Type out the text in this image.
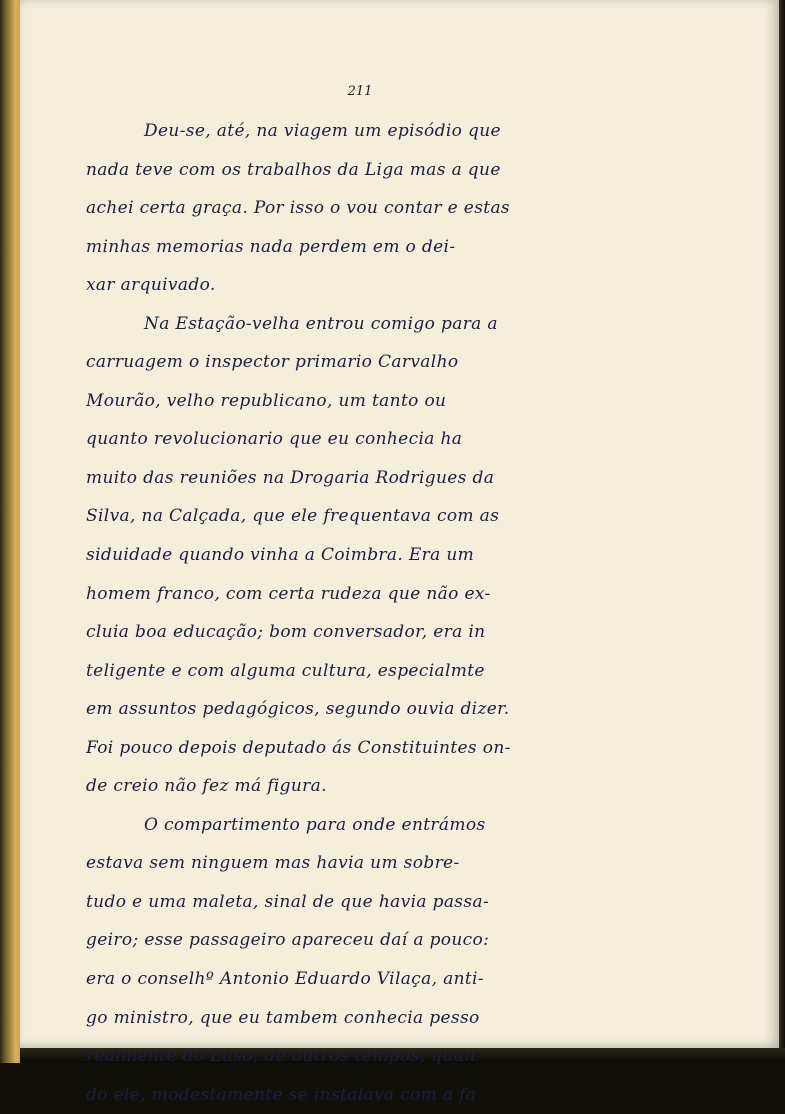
211
Deu-se, até, na viagem um episódio que
nada teve com os trabalhos da Liga mas a que
achei certa graça. Por isso o vou contar e estas
minhas memorias nada perdem em o dei-
xar arquivado.
Na Estação-velha entrou comigo para a
carruagem o inspector primario Carvalho
Mourão, velho republicano, um tanto ou
quanto revolucionario que eu conhecia ha
muito das reuniões na Drogaria Rodrigues da
Silva, na Calçada, que ele frequentava com as
siduidade quando vinha a Coimbra. Era um
homem franco, com certa rudeza que não ex-
cluia boa educação; bom conversador, era in
teligente e com alguma cultura, especialmte
em assuntos pedagógicos, segundo ouvia dizer.
Foi pouco depois deputado ás Constituintes on-
de creio não fez má figura.
O compartimento para onde entrámos
estava sem ninguem mas havia um sobre-
tudo e uma maleta, sinal de que havia passa-
geiro; esse passageiro apareceu daí a pouco:
era o conselhº Antonio Eduardo Vilaça, anti-
go ministro, que eu tambem conhecia pesso
realmente do Luso, de outros tempos, quan
do ele, modestamente se instalava com a fa
